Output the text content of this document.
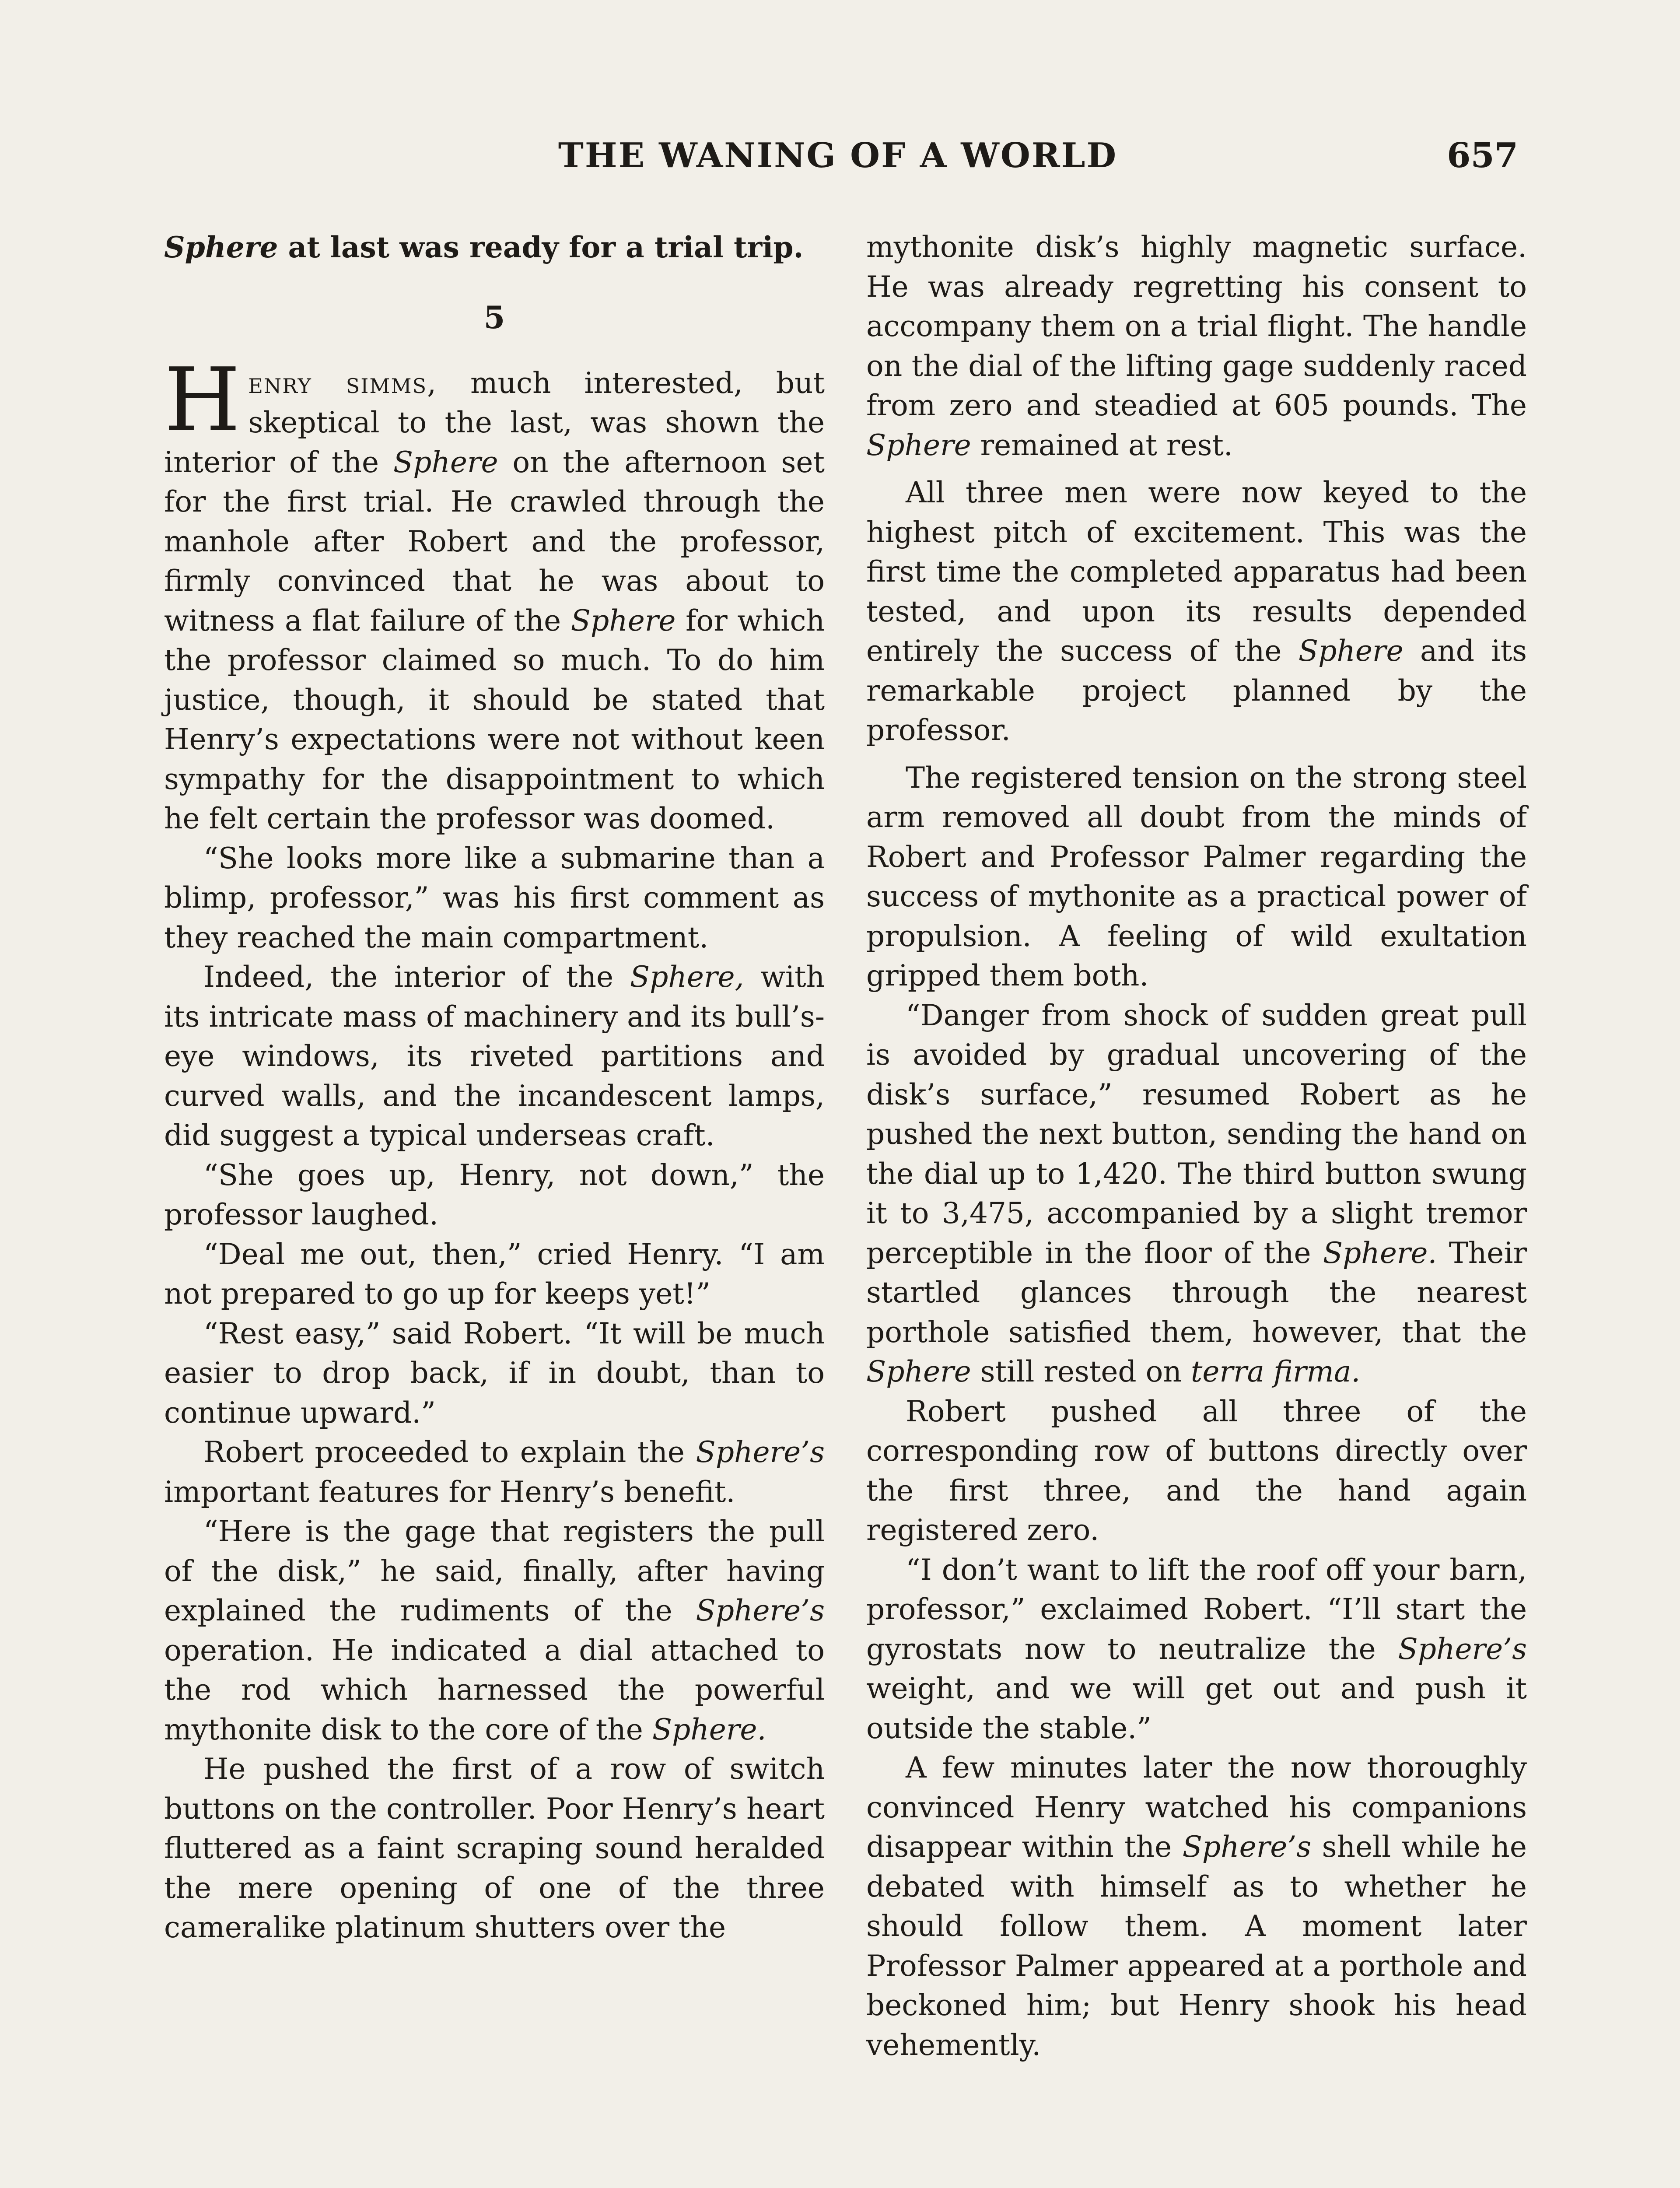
THE WANING OF A WORLD	657

Sphere at last was ready for a trial trip.

5

Henry simms, much interested, but skeptical to the last, was shown the interior of the Sphere on the afternoon set for the first trial. He crawled through the manhole after Robert and the professor, firmly convinced that he was about to witness a flat failure of the Sphere for which the professor claimed so much. To do him justice, though, it should be stated that Henry’s expectations were not without keen sympathy for the disappointment to which he felt certain the professor was doomed.

“She looks more like a submarine than a blimp, professor,” was his first comment as they reached the main compartment.

Indeed, the interior of the Sphere, with its intricate mass of machinery and its bull’s-eye windows, its riveted partitions and curved walls, and the incandescent lamps, did suggest a typical underseas craft.

“She goes up, Henry, not down,” the professor laughed.

“Deal me out, then,” cried Henry. “I am not prepared to go up for keeps yet!”

“Rest easy,” said Robert. “It will be much easier to drop back, if in doubt, than to continue upward.”

Robert proceeded to explain the Sphere’s important features for Henry’s benefit.

“Here is the gage that registers the pull of the disk,” he said, finally, after having explained the rudiments of the Sphere’s operation. He indicated a dial attached to the rod which harnessed the powerful mythonite disk to the core of the Sphere.

He pushed the first of a row of switch buttons on the controller. Poor Henry’s heart fluttered as a faint scraping sound heralded the mere opening of one of the three cameralike platinum shutters over the

mythonite disk’s highly magnetic surface. He was already regretting his consent to accompany them on a trial flight. The handle on the dial of the lifting gage suddenly raced from zero and steadied at 605 pounds. The Sphere remained at rest.

All three men were now keyed to the highest pitch of excitement. This was the first time the completed apparatus had been tested, and upon its results depended entirely the success of the Sphere and its remarkable project planned by the professor.

The registered tension on the strong steel arm removed all doubt from the minds of Robert and Professor Palmer regarding the success of mythonite as a practical power of propulsion. A feeling of wild exultation gripped them both.

“Danger from shock of sudden great pull is avoided by gradual uncovering of the disk’s surface,” resumed Robert as he pushed the next button, sending the hand on the dial up to 1,420. The third button swung it to 3,475, accompanied by a slight tremor perceptible in the floor of the Sphere. Their startled glances through the nearest porthole satisfied them, however, that the Sphere still rested on terra firma.

Robert pushed all three of the corresponding row of buttons directly over the first three, and the hand again registered zero.

“I don’t want to lift the roof off your barn, professor,” exclaimed Robert. “I’ll start the gyrostats now to neutralize the Sphere’s weight, and we will get out and push it outside the stable.”

A few minutes later the now thoroughly convinced Henry watched his companions disappear within the Sphere’s shell while he debated with himself as to whether he should follow them. A moment later Professor Palmer appeared at a porthole and beckoned him; but Henry shook his head vehemently.
